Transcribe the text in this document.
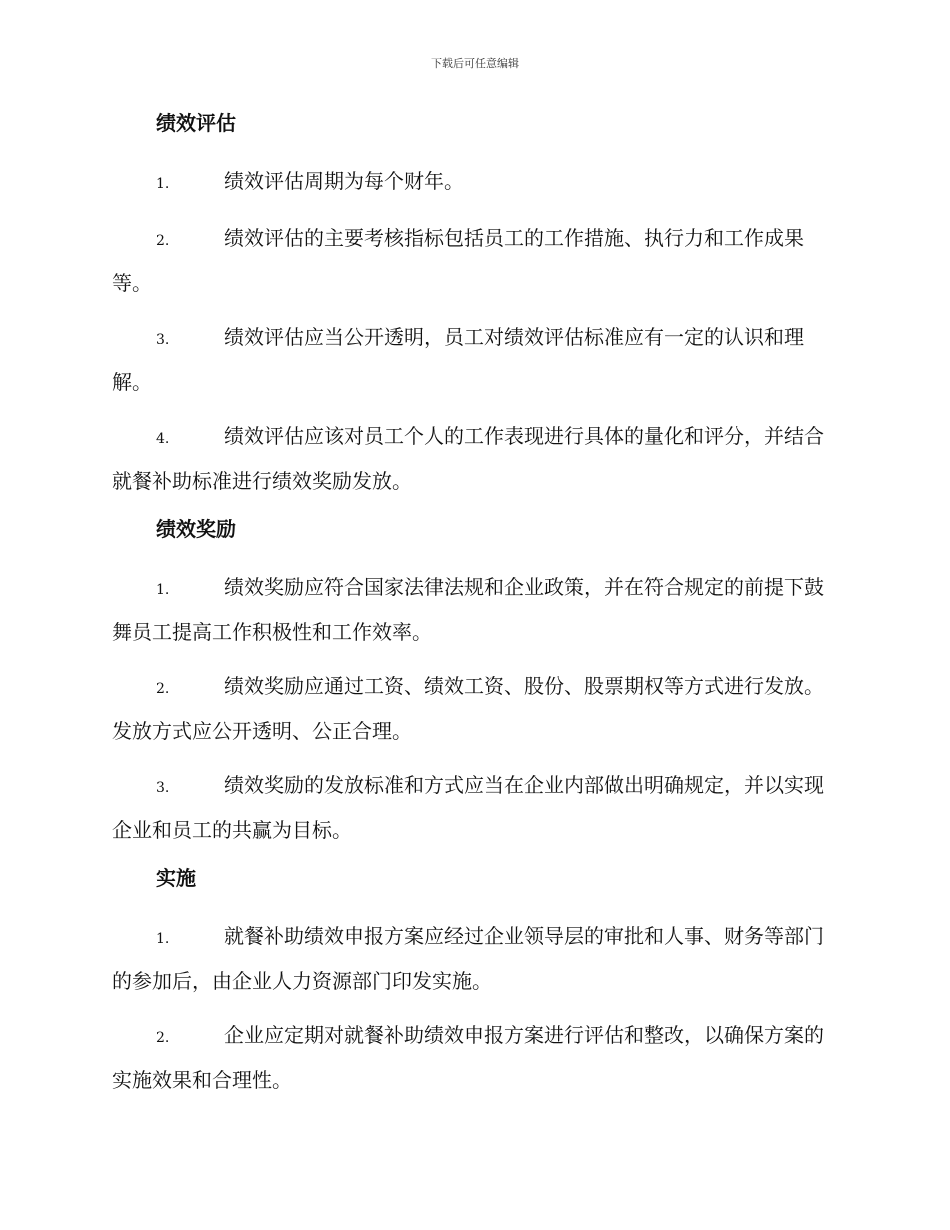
下载后可任意编辑
绩效评估

1.	绩效评估周期为每个财年。

2.	绩效评估的主要考核指标包括员工的工作措施、执行力和工作成果等。

3.	绩效评估应当公开透明，员工对绩效评估标准应有一定的认识和理解。

4.	绩效评估应该对员工个人的工作表现进行具体的量化和评分，并结合就餐补助标准进行绩效奖励发放。

绩效奖励

1.	绩效奖励应符合国家法律法规和企业政策，并在符合规定的前提下鼓舞员工提高工作积极性和工作效率。

2.	绩效奖励应通过工资、绩效工资、股份、股票期权等方式进行发放。发放方式应公开透明、公正合理。

3.	绩效奖励的发放标准和方式应当在企业内部做出明确规定，并以实现企业和员工的共赢为目标。

实施

1.	就餐补助绩效申报方案应经过企业领导层的审批和人事、财务等部门的参加后，由企业人力资源部门印发实施。

2.	企业应定期对就餐补助绩效申报方案进行评估和整改，以确保方案的实施效果和合理性。
